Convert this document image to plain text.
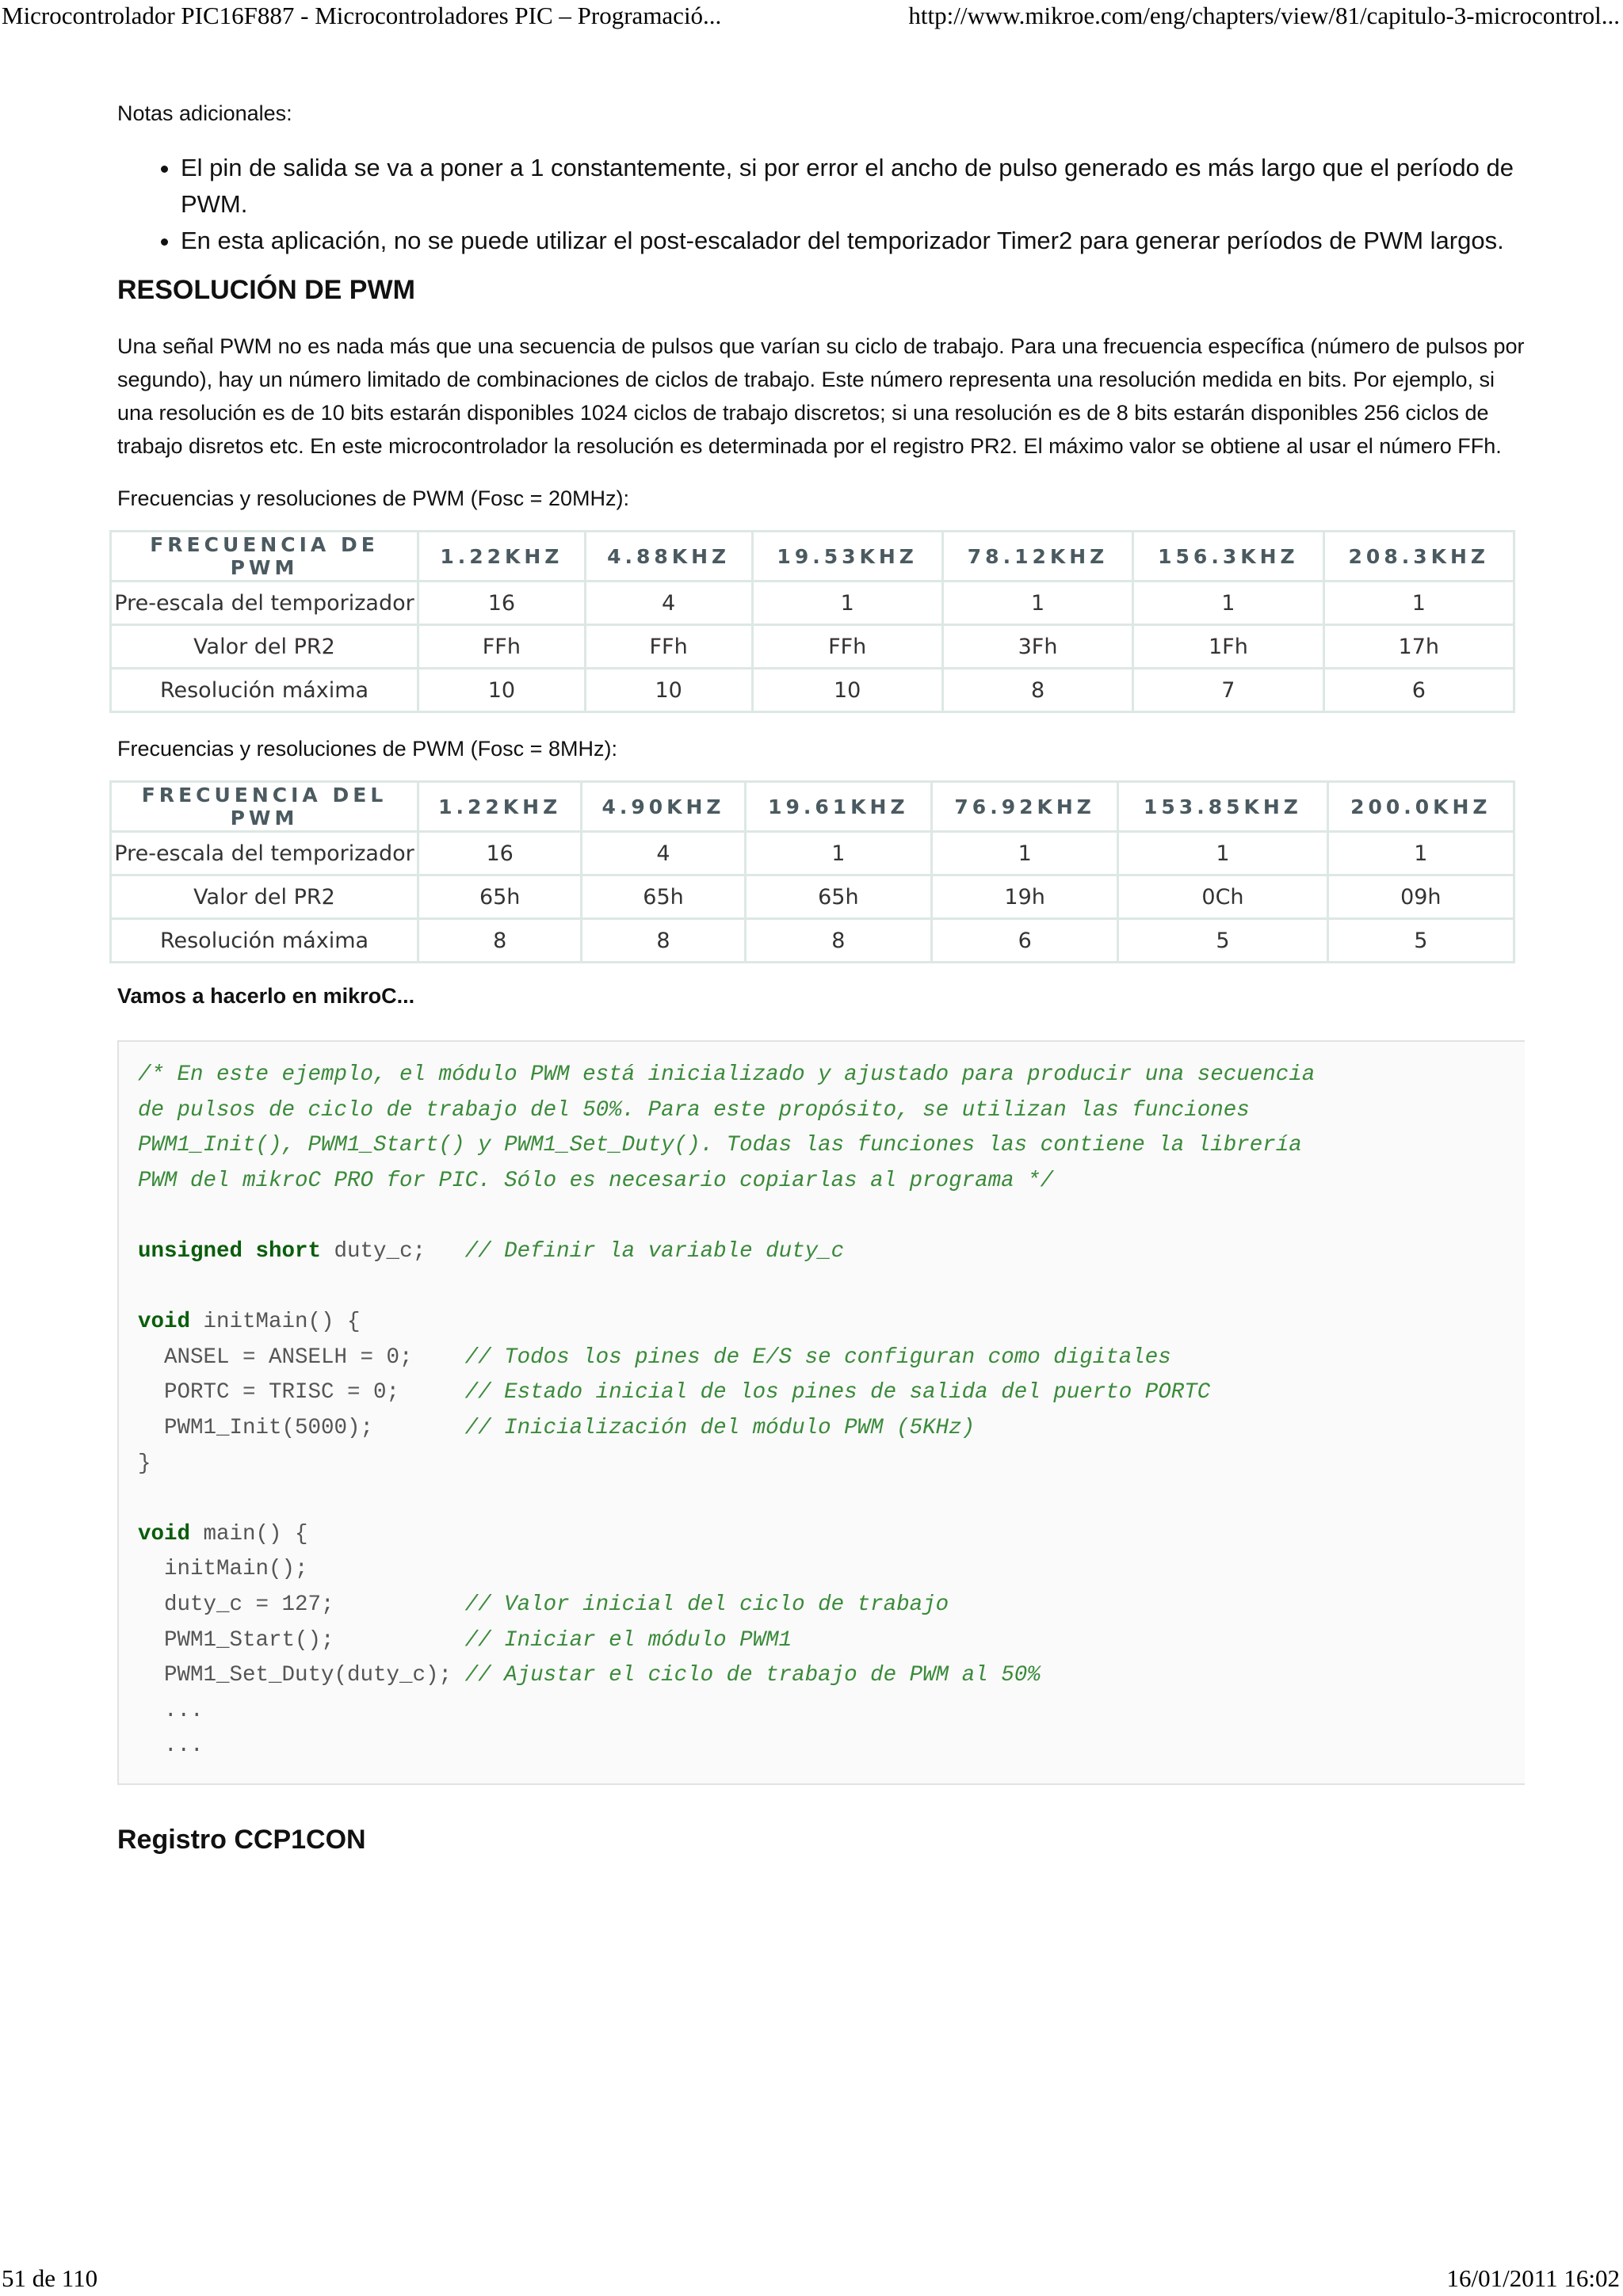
Microcontrolador PIC16F887 - Microcontroladores PIC – Programació...	http://www.mikroe.com/eng/chapters/view/81/capitulo-3-microcontrol...

Notas adicionales:

• El pin de salida se va a poner a 1 constantemente, si por error el ancho de pulso generado es más largo que el período de PWM.
• En esta aplicación, no se puede utilizar el post-escalador del temporizador Timer2 para generar períodos de PWM largos.
RESOLUCIÓN DE PWM

Una señal PWM no es nada más que una secuencia de pulsos que varían su ciclo de trabajo. Para una frecuencia específica (número de pulsos por segundo), hay un número limitado de combinaciones de ciclos de trabajo. Este número representa una resolución medida en bits. Por ejemplo, si una resolución es de 10 bits estarán disponibles 1024 ciclos de trabajo discretos; si una resolución es de 8 bits estarán disponibles 256 ciclos de trabajo disretos etc. En este microcontrolador la resolución es determinada por el registro PR2. El máximo valor se obtiene al usar el número FFh.

Frecuencias y resoluciones de PWM (Fosc = 20MHz):

FRECUENCIA DE PWM	1.22KHZ	4.88KHZ	19.53KHZ	78.12KHZ	156.3KHZ	208.3KHZ
Pre-escala del temporizador	16	4	1	1	1	1
Valor del PR2	FFh	FFh	FFh	3Fh	1Fh	17h
Resolución máxima	10	10	10	8	7	6

Frecuencias y resoluciones de PWM (Fosc = 8MHz):

FRECUENCIA DEL PWM	1.22KHZ	4.90KHZ	19.61KHZ	76.92KHZ	153.85KHZ	200.0KHZ
Pre-escala del temporizador	16	4	1	1	1	1
Valor del PR2	65h	65h	65h	19h	0Ch	09h
Resolución máxima	8	8	8	6	5	5

Vamos a hacerlo en mikroC...

/* En este ejemplo, el módulo PWM está inicializado y ajustado para producir una secuencia
de pulsos de ciclo de trabajo del 50%. Para este propósito, se utilizan las funciones
PWM1_Init(), PWM1_Start() y PWM1_Set_Duty(). Todas las funciones las contiene la librería
PWM del mikroC PRO for PIC. Sólo es necesario copiarlas al programa */
unsigned short duty_c;   // Definir la variable duty_c
void initMain() {
ANSEL = ANSELH = 0;    // Todos los pines de E/S se configuran como digitales
PORTC = TRISC = 0;     // Estado inicial de los pines de salida del puerto PORTC
PWM1_Init(5000);       // Inicialización del módulo PWM (5KHz)
}
void main() {
initMain();
duty_c = 127;          // Valor inicial del ciclo de trabajo
PWM1_Start();          // Iniciar el módulo PWM1
PWM1_Set_Duty(duty_c); // Ajustar el ciclo de trabajo de PWM al 50%
...
...
Registro CCP1CON
51 de 110	16/01/2011 16:02
